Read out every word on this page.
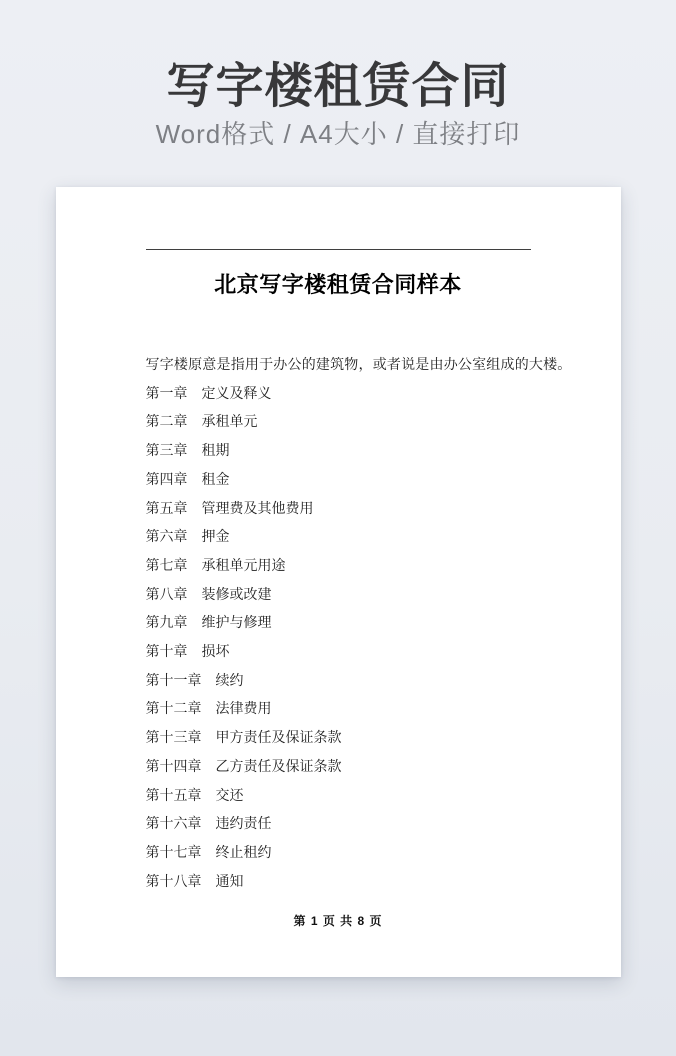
写字楼租赁合同
Word格式 / A4大小 / 直接打印
北京写字楼租赁合同样本
写字楼原意是指用于办公的建筑物，或者说是由办公室组成的大楼。
第一章 定义及释义
第二章 承租单元
第三章 租期
第四章 租金
第五章 管理费及其他费用
第六章 押金
第七章 承租单元用途
第八章 装修或改建
第九章 维护与修理
第十章 损坏
第十一章 续约
第十二章 法律费用
第十三章 甲方责任及保证条款
第十四章 乙方责任及保证条款
第十五章 交还
第十六章 违约责任
第十七章 终止租约
第十八章 通知
第 1 页 共 8 页
